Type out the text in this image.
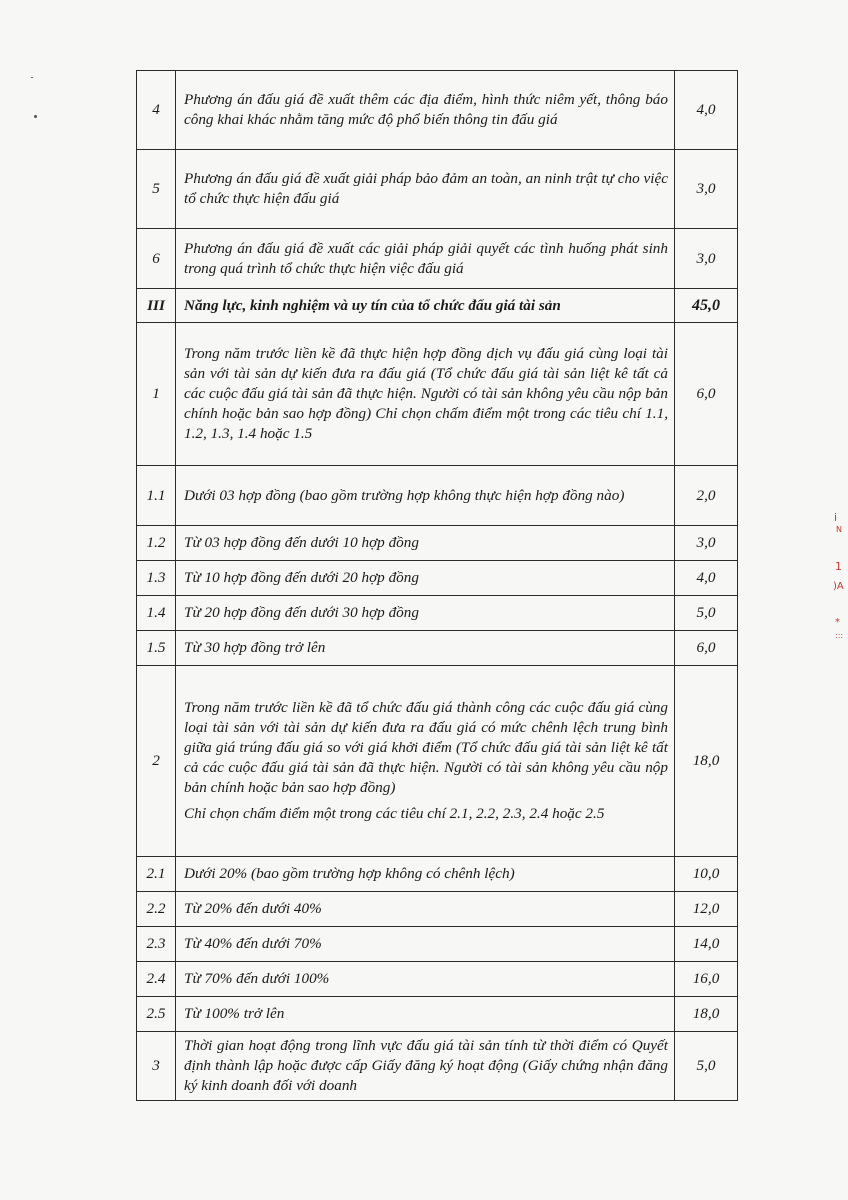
i
N
1
)A
*
:::
4	Phương án đấu giá đề xuất thêm các địa điểm, hình thức niêm yết, thông báo công khai khác nhằm tăng mức độ phổ biến thông tin đấu giá	4,0
5	Phương án đấu giá đề xuất giải pháp bảo đảm an toàn, an ninh trật tự cho việc tổ chức thực hiện đấu giá	3,0
6	Phương án đấu giá đề xuất các giải pháp giải quyết các tình huống phát sinh trong quá trình tổ chức thực hiện việc đấu giá	3,0
III	Năng lực, kinh nghiệm và uy tín của tổ chức đấu giá tài sản	45,0
1	Trong năm trước liền kề đã thực hiện hợp đồng dịch vụ đấu giá cùng loại tài sản với tài sản dự kiến đưa ra đấu giá (Tổ chức đấu giá tài sản liệt kê tất cả các cuộc đấu giá tài sản đã thực hiện. Người có tài sản không yêu cầu nộp bản chính hoặc bản sao hợp đồng) Chỉ chọn chấm điểm một trong các tiêu chí 1.1, 1.2, 1.3, 1.4 hoặc 1.5	6,0
1.1	Dưới 03 hợp đồng (bao gồm trường hợp không thực hiện hợp đồng nào)	2,0
1.2	Từ 03 hợp đồng đến dưới 10 hợp đồng	3,0
1.3	Từ 10 hợp đồng đến dưới 20 hợp đồng	4,0
1.4	Từ 20 hợp đồng đến dưới 30 hợp đồng	5,0
1.5	Từ 30 hợp đồng trở lên	6,0
2	Trong năm trước liền kề đã tổ chức đấu giá thành công các cuộc đấu giá cùng loại tài sản với tài sản dự kiến đưa ra đấu giá có mức chênh lệch trung bình giữa giá trúng đấu giá so với giá khởi điểm (Tổ chức đấu giá tài sản liệt kê tất cả các cuộc đấu giá tài sản đã thực hiện. Người có tài sản không yêu cầu nộp bản chính hoặc bản sao hợp đồng)
Chỉ chọn chấm điểm một trong các tiêu chí 2.1, 2.2, 2.3, 2.4 hoặc 2.5	18,0
2.1	Dưới 20% (bao gồm trường hợp không có chênh lệch)	10,0
2.2	Từ 20% đến dưới 40%	12,0
2.3	Từ 40% đến dưới 70%	14,0
2.4	Từ 70% đến dưới 100%	16,0
2.5	Từ 100% trở lên	18,0
3	Thời gian hoạt động trong lĩnh vực đấu giá tài sản tính từ thời điểm có Quyết định thành lập hoặc được cấp Giấy đăng ký hoạt động (Giấy chứng nhận đăng ký kinh doanh đối với doanh	5,0
